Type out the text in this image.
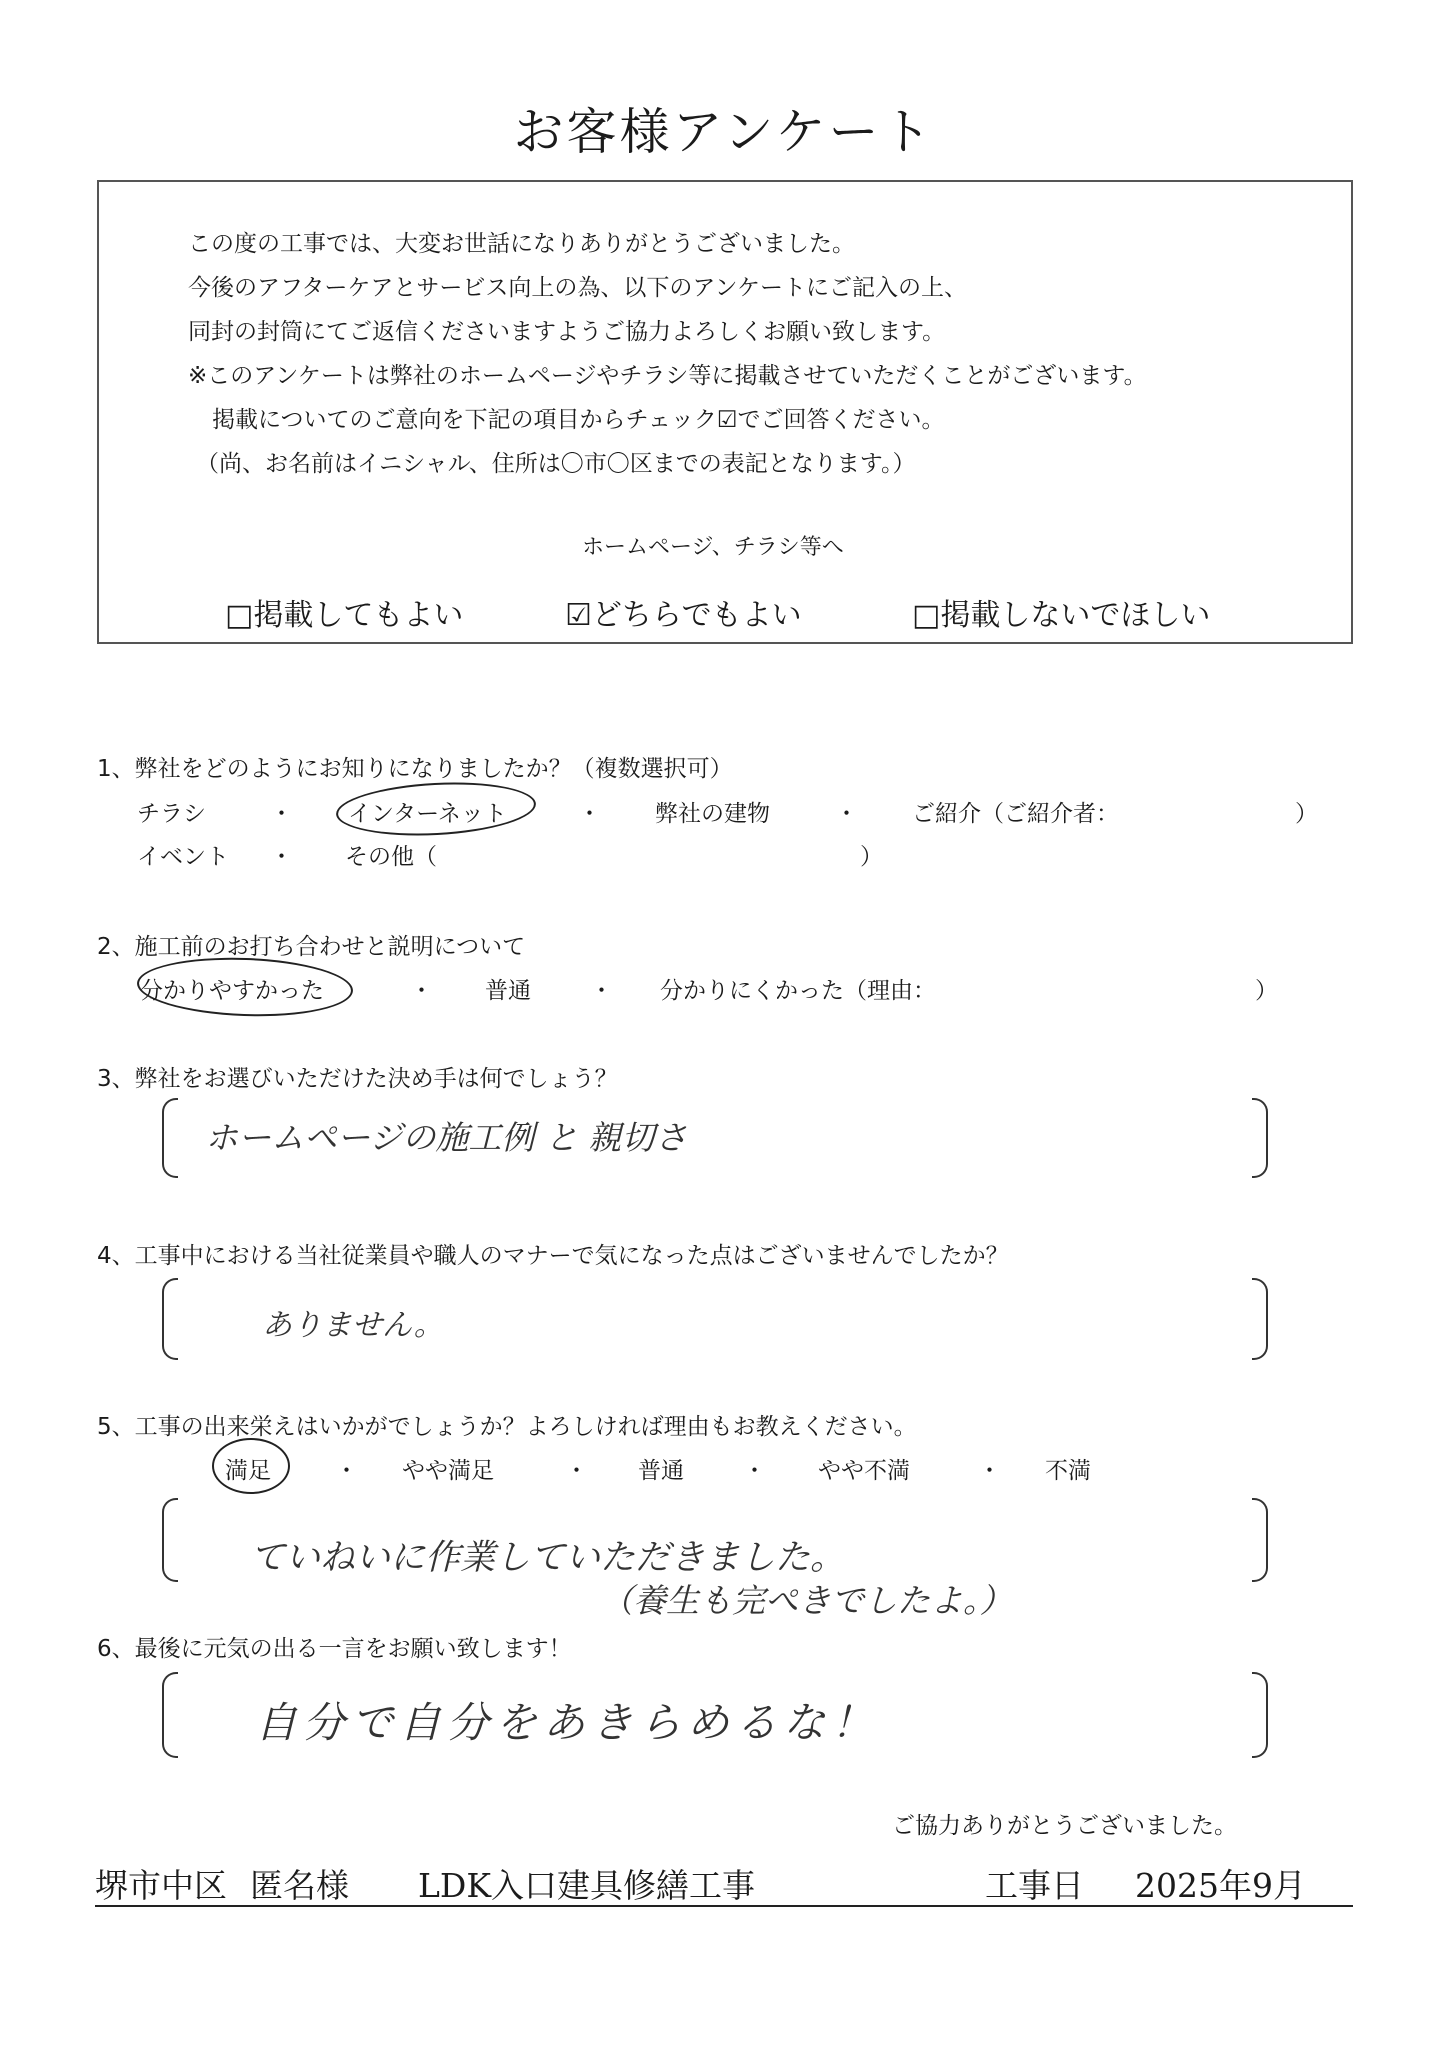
お客様アンケート
この度の工事では、大変お世話になりありがとうございました。
今後のアフターケアとサービス向上の為、以下のアンケートにご記入の上、
同封の封筒にてご返信くださいますようご協力よろしくお願い致します。
※このアンケートは弊社のホームページやチラシ等に掲載させていただくことがございます。
掲載についてのご意向を下記の項目からチェック☑でご回答ください。
（尚、お名前はイニシャル、住所は〇市〇区までの表記となります。）
ホームページ、チラシ等へ
□掲載してもよい	☑どちらでもよい	□掲載しないでほしい
1、弊社をどのようにお知りになりましたか？（複数選択可）
チラシ	・ インターネット	・ 弊社の建物	・ ご紹介（ご紹介者：	）
イベント ・ その他（	）
2、施工前のお打ち合わせと説明について
分かりやすかった	・ 普通	・ 分かりにくかった（理由：	）
3、弊社をお選びいただけた決め手は何でしょう？
ホームページの施工例 と 親切さ
4、工事中における当社従業員や職人のマナーで気になった点はございませんでしたか？
ありません。
5、工事の出来栄えはいかがでしょうか？よろしければ理由もお教えください。
満足	・ やや満足	・ 普通	・ やや不満	・ 不満
ていねいに作業していただきました。
（養生も完ぺきでしたよ。）
6、最後に元気の出る一言をお願い致します！
自分で自分をあきらめるな！
ご協力ありがとうございました。
堺市中区 匿名様 LDK入口建具修繕工事	工事日 2025年9月
